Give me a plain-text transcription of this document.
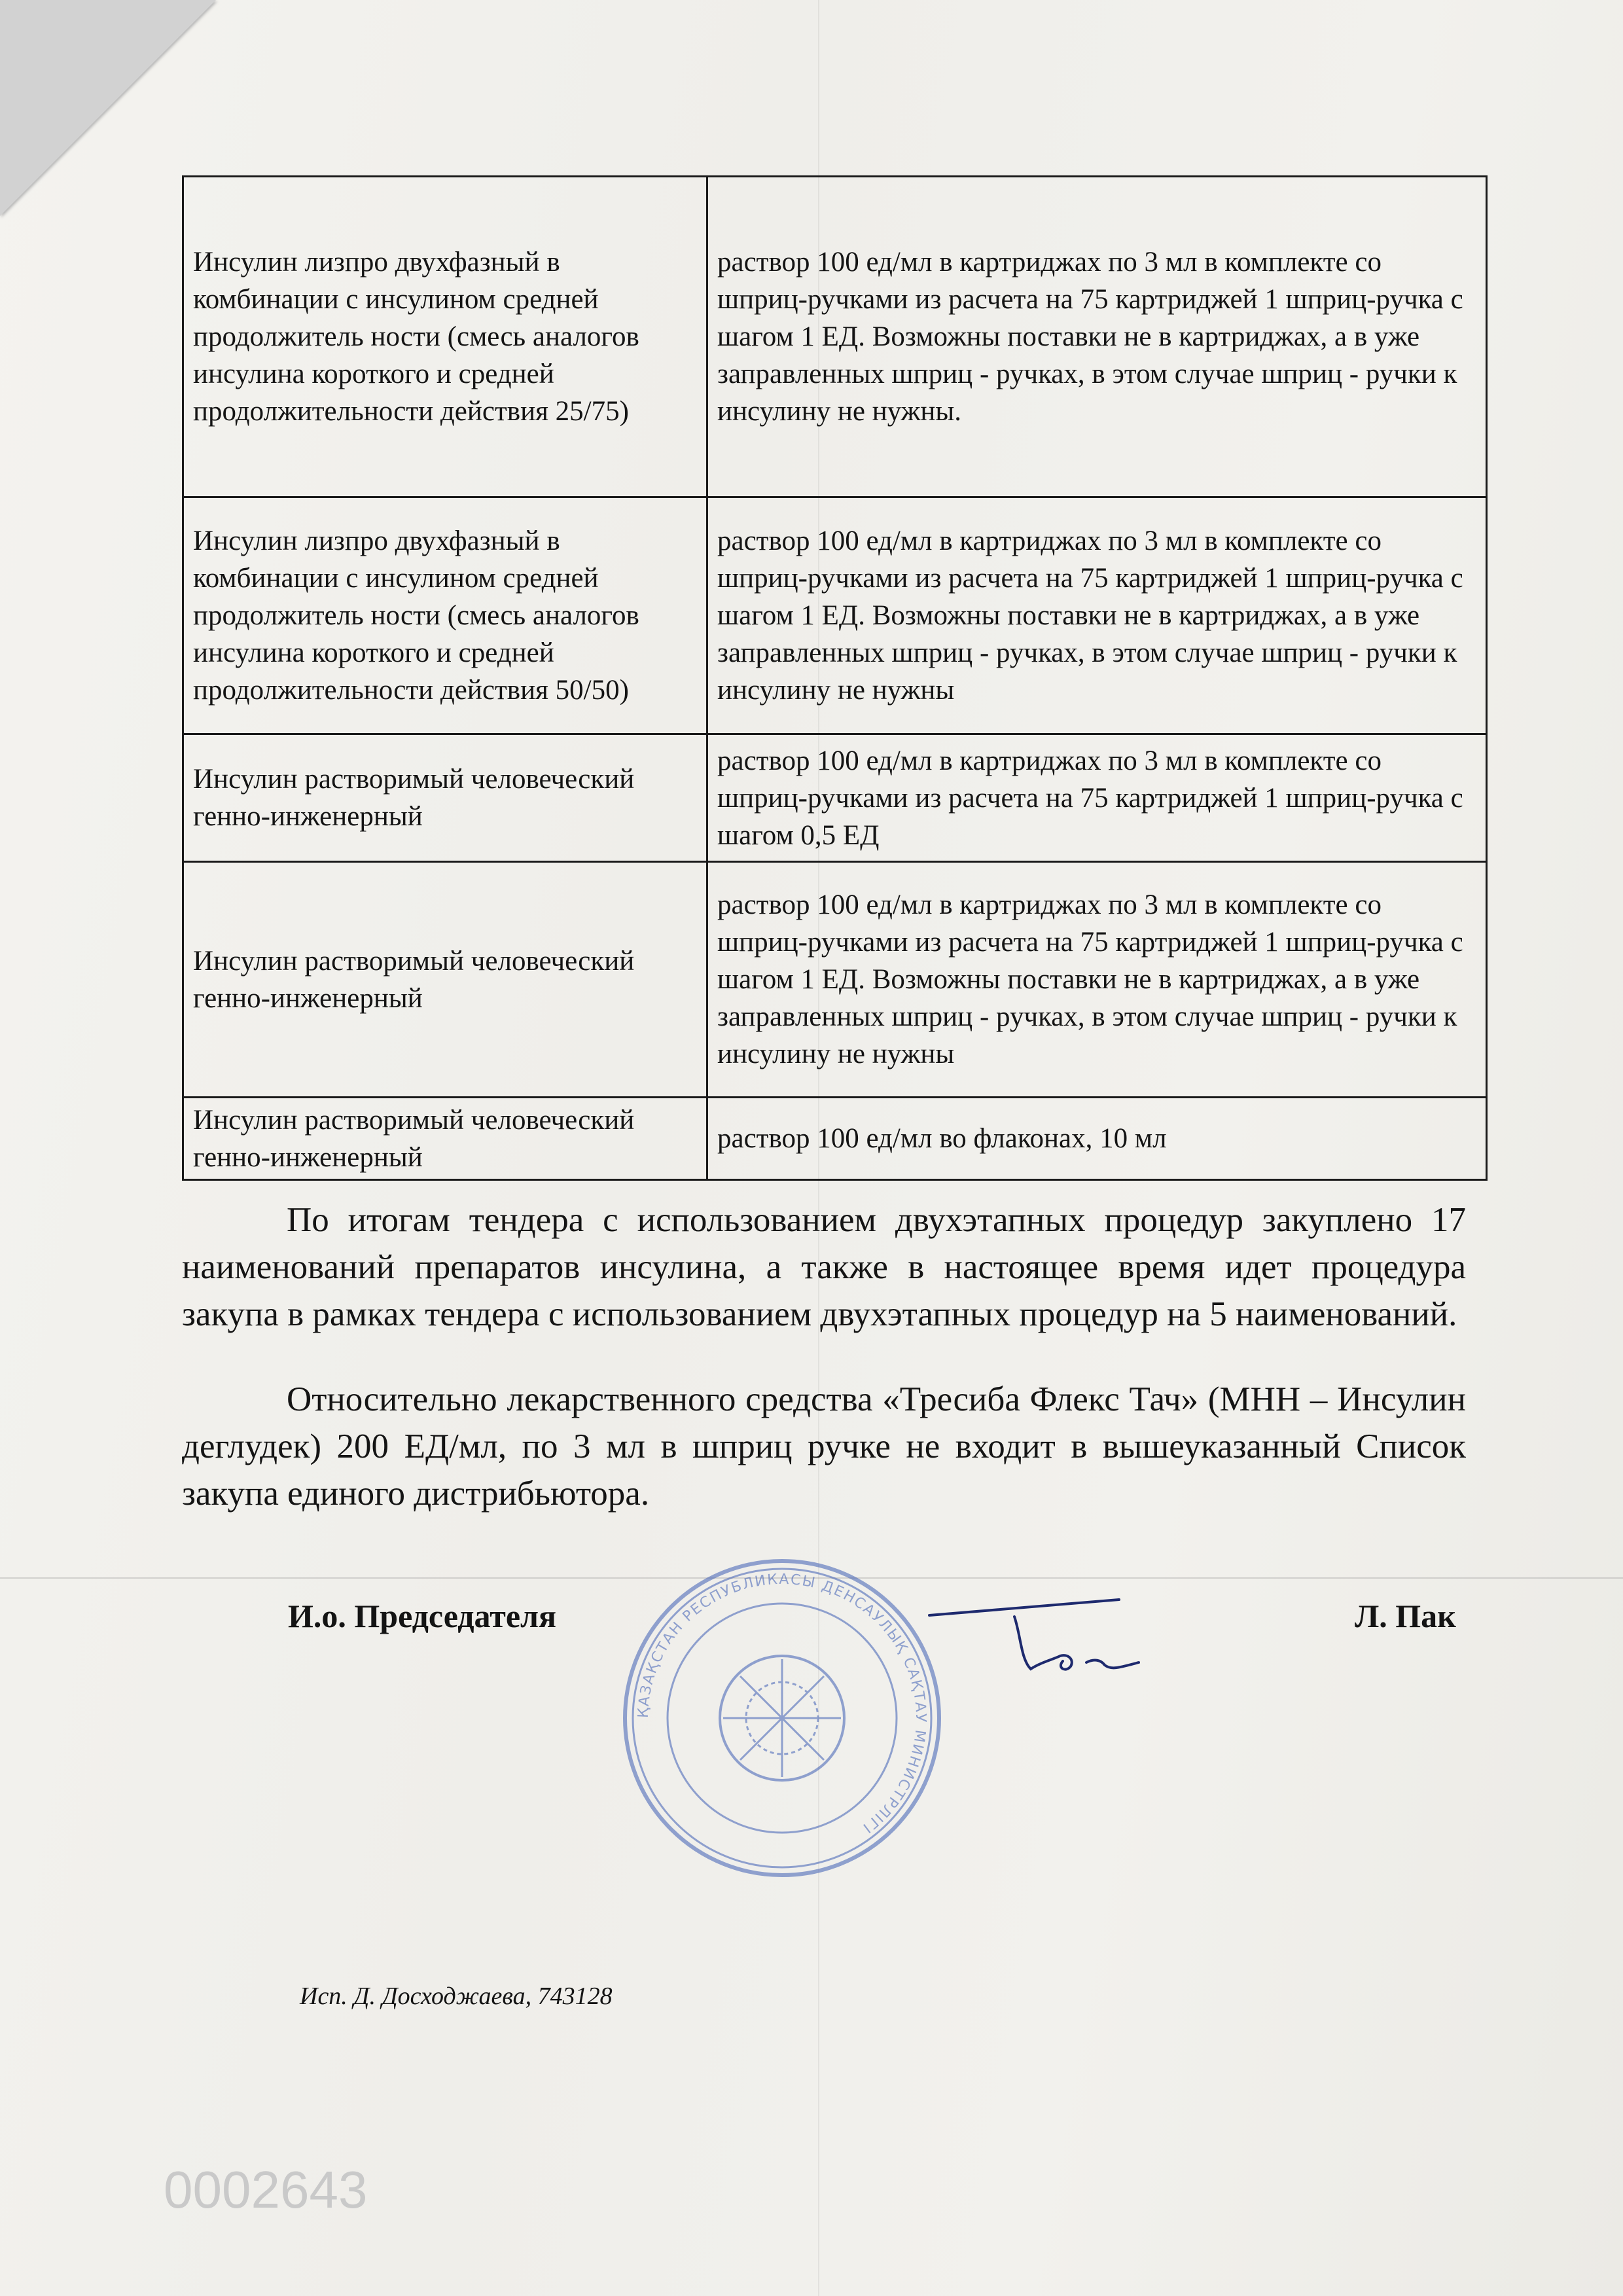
Инсулин лизпро двухфазный в комбинации с инсулином средней продолжитель ности (смесь аналогов инсулина короткого и средней продолжительности действия 25/75)	раствор 100 ед/мл в картриджах по 3 мл в комплекте со шприц-ручками из расчета на 75 картриджей 1 шприц-ручка с шагом 1 ЕД. Возможны поставки не в картриджах, а в уже заправленных шприц - ручках, в этом случае шприц - ручки к инсулину не нужны.
Инсулин лизпро двухфазный в комбинации с инсулином средней продолжитель ности (смесь аналогов инсулина короткого и средней продолжительности действия 50/50)	раствор 100 ед/мл в картриджах по 3 мл в комплекте со шприц-ручками из расчета на 75 картриджей 1 шприц-ручка с шагом 1 ЕД. Возможны поставки не в картриджах, а в уже заправленных шприц - ручках, в этом случае шприц - ручки к инсулину не нужны
Инсулин растворимый человеческий генно-инженерный	раствор 100 ед/мл в картриджах по 3 мл в комплекте со шприц-ручками из расчета на 75 картриджей 1 шприц-ручка с шагом 0,5 ЕД
Инсулин растворимый человеческий генно-инженерный	раствор 100 ед/мл в картриджах по 3 мл в комплекте со шприц-ручками из расчета на 75 картриджей 1 шприц-ручка с шагом 1 ЕД. Возможны поставки не в картриджах, а в уже заправленных шприц - ручках, в этом случае шприц - ручки к инсулину не нужны
Инсулин растворимый человеческий генно-инженерный	раствор 100 ед/мл во флаконах, 10 мл

По итогам тендера с использованием двухэтапных процедур закуплено 17 наименований препаратов инсулина, а также в настоящее время идет процедура закупа в рамках тендера с использованием двухэтапных процедур на 5 наименований.

Относительно лекарственного средства «Тресиба Флекс Тач» (МНН – Инсулин деглудек) 200 ЕД/мл, по 3 мл в шприц ручке не входит в вышеуказанный Список закупа единого дистрибьютора.

И.о. Председателя
ҚАЗАҚСТАН РЕСПУБЛИКАСЫ ДЕНСАУЛЫҚ САҚТАУ МИНИСТРЛІГІ
Л. Пак
Исп. Д. Досходжаева, 743128
0002643
